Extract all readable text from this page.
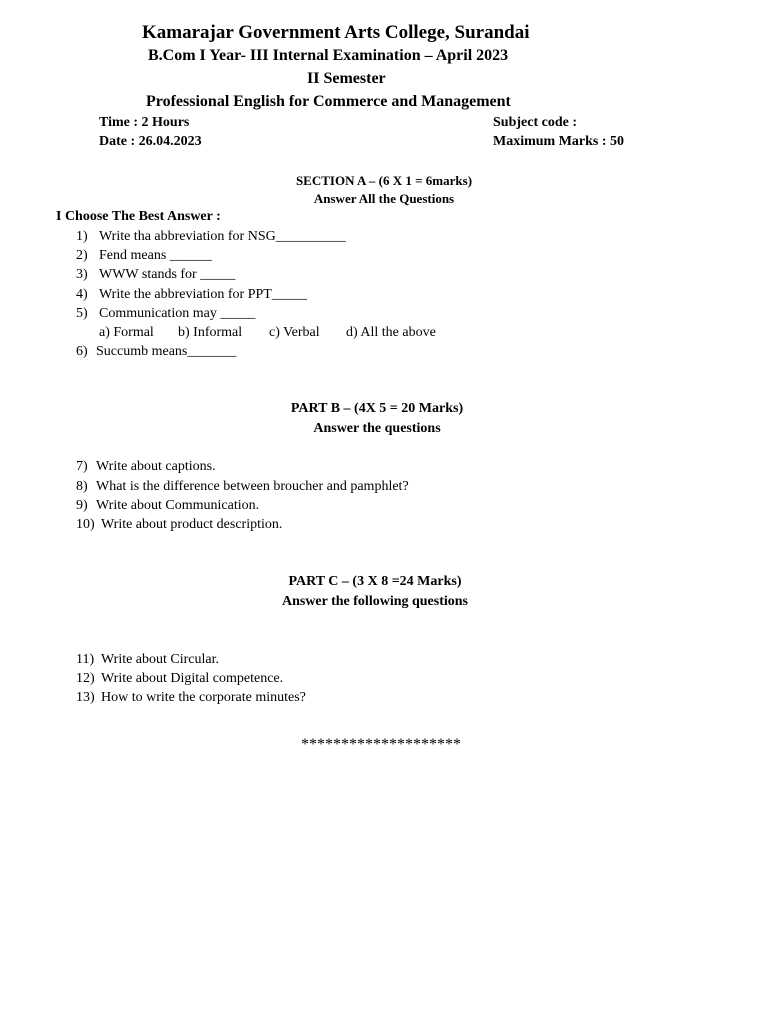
Kamarajar Government Arts College, Surandai
B.Com I Year- III Internal Examination – April 2023
II Semester
Professional English for Commerce and Management
Time : 2 Hours
Date : 26.04.2023
Subject code :
Maximum Marks : 50
SECTION A – (6 X 1 = 6marks)
Answer All the Questions
I Choose The Best Answer :
1) Write tha abbreviation for NSG__________
2) Fend means ______
3) WWW stands for _____
4) Write the abbreviation for PPT_____
5) Communication may _____
a) Formal b) Informal c) Verbal d) All the above
6) Succumb means_______
PART B – (4X 5 = 20 Marks)
Answer the questions
7) Write about captions.
8) What is the difference between broucher and pamphlet?
9) Write about Communication.
10) Write about product description.
PART C – (3 X 8 =24 Marks)
Answer the following questions
11) Write about Circular.
12) Write about Digital competence.
13) How to write the corporate minutes?
********************
